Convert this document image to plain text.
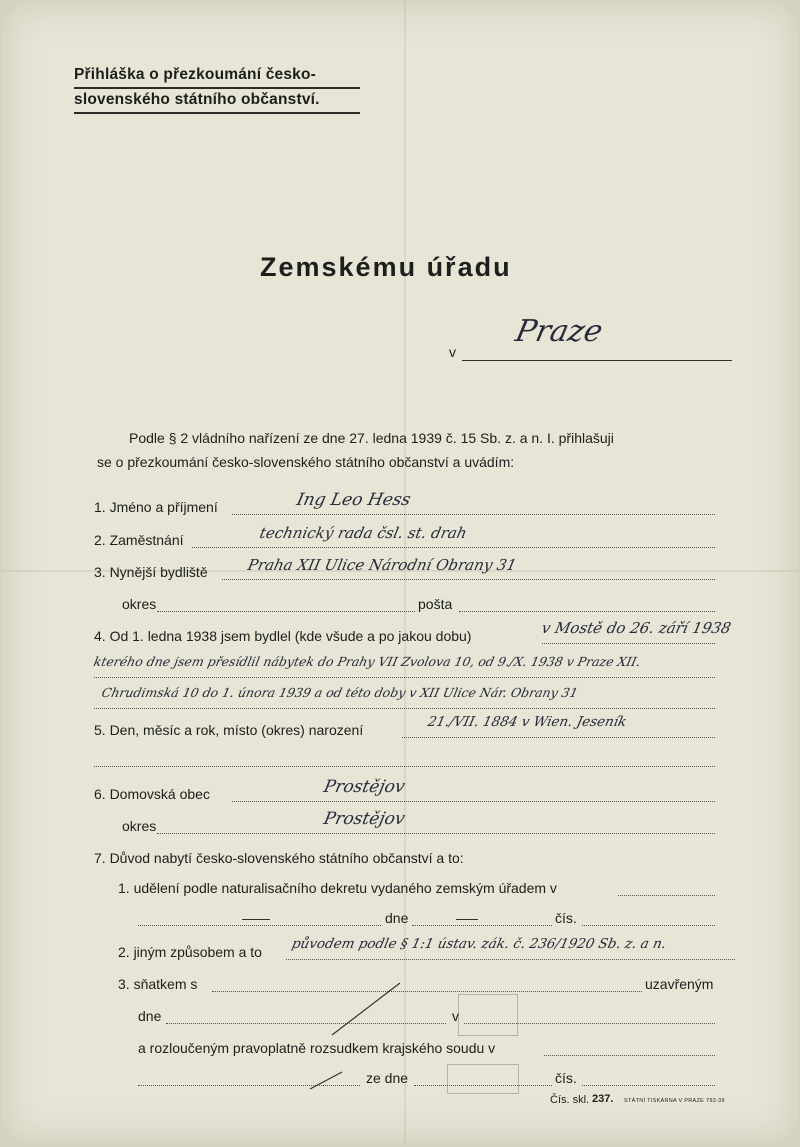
Přihláška o přezkoumání česko-
slovenského státního občanství.
Zemskému úřadu
v
Praze
Podle § 2 vládního nařízení ze dne 27. ledna 1939 č. 15 Sb. z. a n. I. přihlašuji
se o přezkoumání česko-slovenského státního občanství a uvádím:
1. Jméno a příjmení	Ing Leo Hess
2. Zaměstnání	technický rada čsl. st. drah
3. Nynější bydliště	Praha XII Ulice Národní Obrany 31
okres	pošta
4. Od 1. ledna 1938 jsem bydlel (kde všude a po jakou dobu)	v Mostě do 26. září 1938
kterého dne jsem přesídlil nábytek do Prahy VII Zvolova 10, od 9./X. 1938 v Praze XII.
Chrudimská 10 do 1. února 1939 a od této doby v XII Ulice Nár. Obrany 31
5. Den, měsíc a rok, místo (okres) narození	21./VII. 1884 v Wien. Jeseník
6. Domovská obec	Prostějov
okres	Prostějov
7. Důvod nabytí česko-slovenského státního občanství a to:
1. udělení podle naturalisačního dekretu vydaného zemským úřadem v
dne	čís.
2. jiným způsobem a to původem podle § 1:1 ústav. zák. č. 236/1920 Sb. z. a n.
3. sňatkem s	uzavřeným
dne	v
a rozloučeným pravoplatně rozsudkem krajského soudu v
ze dne	čís.
Čís. skl. 237. STÁTNÍ TISKÁRNA V PRAZE 792-39
